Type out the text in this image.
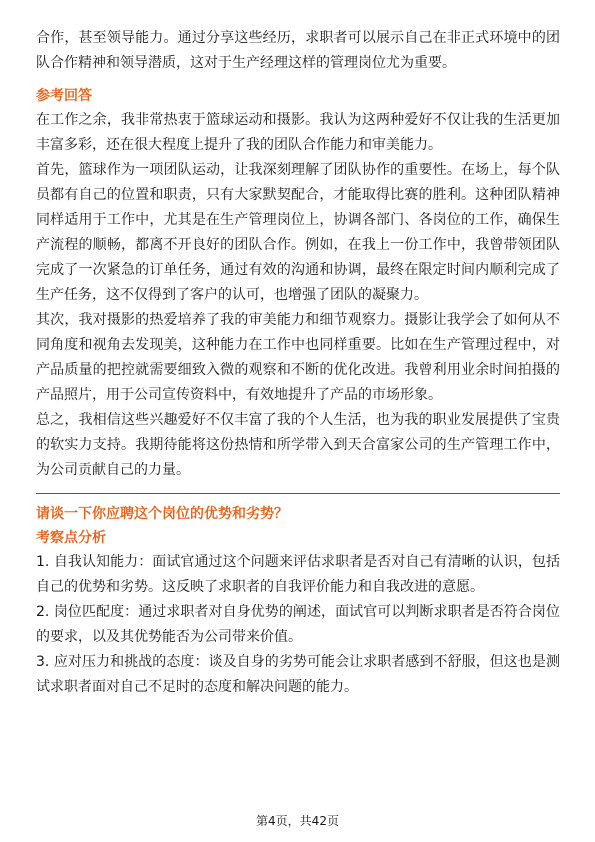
合作，甚至领导能力。通过分享这些经历，求职者可以展示自己在非正式环境中的团队合作精神和领导潜质，这对于生产经理这样的管理岗位尤为重要。

参考回答

在工作之余，我非常热衷于篮球运动和摄影。我认为这两种爱好不仅让我的生活更加丰富多彩，还在很大程度上提升了我的团队合作能力和审美能力。

首先，篮球作为一项团队运动，让我深刻理解了团队协作的重要性。在场上，每个队员都有自己的位置和职责，只有大家默契配合，才能取得比赛的胜利。这种团队精神同样适用于工作中，尤其是在生产管理岗位上，协调各部门、各岗位的工作，确保生产流程的顺畅，都离不开良好的团队合作。例如，在我上一份工作中，我曾带领团队完成了一次紧急的订单任务，通过有效的沟通和协调，最终在限定时间内顺利完成了生产任务，这不仅得到了客户的认可，也增强了团队的凝聚力。

其次，我对摄影的热爱培养了我的审美能力和细节观察力。摄影让我学会了如何从不同角度和视角去发现美，这种能力在工作中也同样重要。比如在生产管理过程中，对产品质量的把控就需要细致入微的观察和不断的优化改进。我曾利用业余时间拍摄的产品照片，用于公司宣传资料中，有效地提升了产品的市场形象。

总之，我相信这些兴趣爱好不仅丰富了我的个人生活，也为我的职业发展提供了宝贵的软实力支持。我期待能将这份热情和所学带入到天合富家公司的生产管理工作中，为公司贡献自己的力量。

请谈一下你应聘这个岗位的优势和劣势？

考察点分析

1. 自我认知能力：面试官通过这个问题来评估求职者是否对自己有清晰的认识，包括自己的优势和劣势。这反映了求职者的自我评价能力和自我改进的意愿。

2. 岗位匹配度：通过求职者对自身优势的阐述，面试官可以判断求职者是否符合岗位的要求，以及其优势能否为公司带来价值。

3. 应对压力和挑战的态度：谈及自身的劣势可能会让求职者感到不舒服，但这也是测试求职者面对自己不足时的态度和解决问题的能力。

第4页，共42页
